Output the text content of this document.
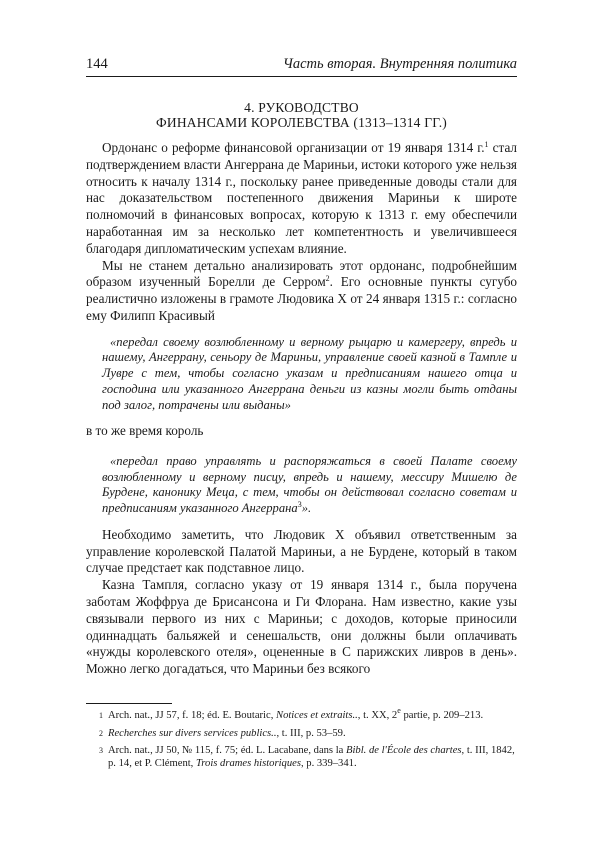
144	Часть вторая. Внутренняя политика
4. РУКОВОДСТВО
ФИНАНСАМИ КОРОЛЕВСТВА (1313–1314 ГГ.)

Ордонанс о реформе финансовой организации от 19 января 1314 г.$^1$ стал подтверждением власти Ангеррана де Мариньи, истоки которого уже нельзя относить к началу 1314 г., поскольку ранее приведенные доводы стали для нас доказательством постепенного движения Мариньи к широте полномочий в финансовых вопросах, которую к 1313 г. ему обеспечили наработанная им за несколько лет компетентность и увеличившееся благодаря дипломатическим успехам влияние.

Мы не станем детально анализировать этот ордонанс, подробнейшим образом изученный Борелли де Серром$^2$. Его основные пункты сугубо реалистично изложены в грамоте Людовика X от 24 января 1315 г.: согласно ему Филипп Красивый

«передал своему возлюбленному и верному рыцарю и камергеру, впредь и нашему, Ангеррану, сеньору де Мариньи, управление своей казной в Тампле и Лувре с тем, чтобы согласно указам и предписаниям нашего отца и господина или указанного Ангеррана деньги из казны могли быть отданы под залог, потрачены или выданы»

в то же время король

«передал право управлять и распоряжаться в своей Палате своему возлюбленному и верному писцу, впредь и нашему, мессиру Мишелю де Бурдене, канонику Меца, с тем, чтобы он действовал согласно советам и предписаниям указанного Ангеррана$^3$».

Необходимо заметить, что Людовик X объявил ответственным за управление королевской Палатой Мариньи, а не Бурдене, который в таком случае предстает как подставное лицо.

Казна Тампля, согласно указу от 19 января 1314 г., была поручена заботам Жоффруа де Брисансона и Ги Флорана. Нам известно, какие узы связывали первого из них с Мариньи; с доходов, которые приносили одиннадцать бальяжей и сенешальств, они должны были оплачивать «нужды королевского отеля», оцененные в С парижских ливров в день». Можно легко догадаться, что Мариньи без всякого

$^1$ Arch. nat., JJ 57, f. 18; éd. E. Boutaric, Notices et extraits.., t. XX, 2e partie, p. 209–213.
$^2$ Recherches sur divers services publics.., t. III, p. 53–59.
$^3$ Arch. nat., JJ 50, № 115, f. 75; éd. L. Lacabane, dans la Bibl. de l'École des chartes, t. III, 1842, p. 14, et P. Clément, Trois drames historiques, p. 339–341.
